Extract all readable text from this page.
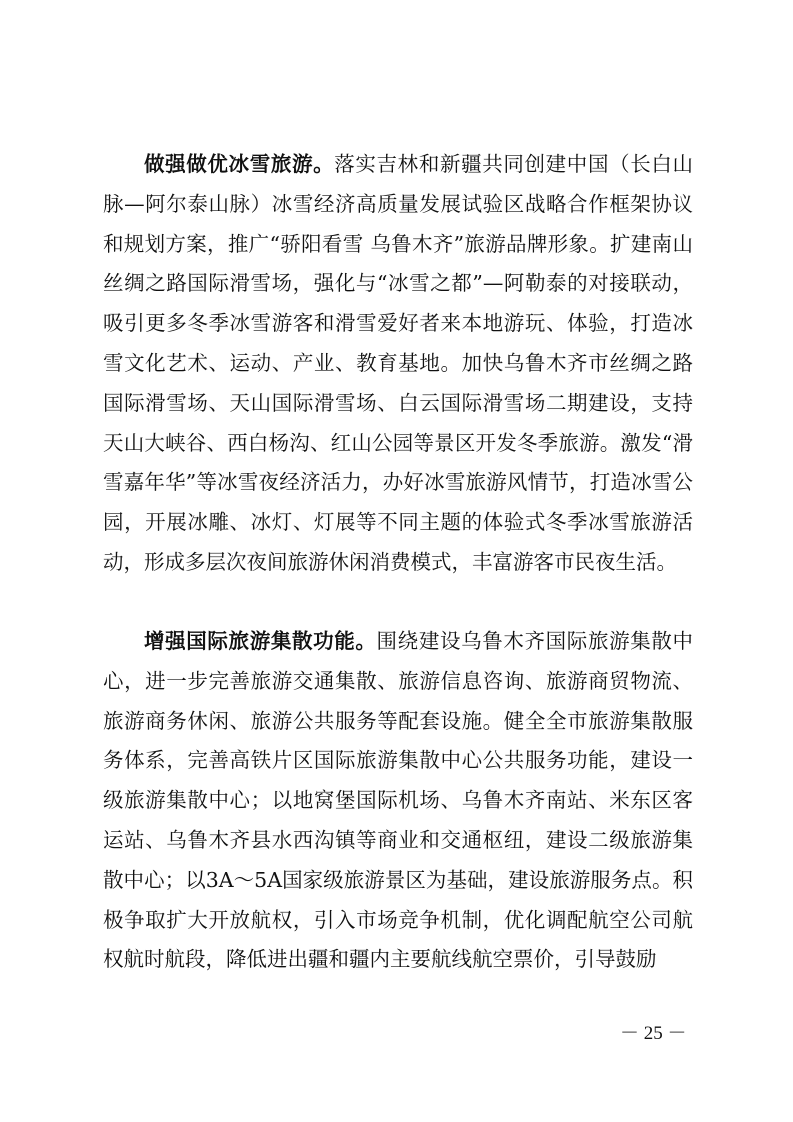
做强做优冰雪旅游。落实吉林和新疆共同创建中国（长白山脉—阿尔泰山脉）冰雪经济高质量发展试验区战略合作框架协议和规划方案，推广“骄阳看雪 乌鲁木齐”旅游品牌形象。扩建南山丝绸之路国际滑雪场，强化与“冰雪之都”—阿勒泰的对接联动，吸引更多冬季冰雪游客和滑雪爱好者来本地游玩、体验，打造冰雪文化艺术、运动、产业、教育基地。加快乌鲁木齐市丝绸之路国际滑雪场、天山国际滑雪场、白云国际滑雪场二期建设，支持天山大峡谷、西白杨沟、红山公园等景区开发冬季旅游。激发“滑雪嘉年华”等冰雪夜经济活力，办好冰雪旅游风情节，打造冰雪公园，开展冰雕、冰灯、灯展等不同主题的体验式冬季冰雪旅游活动，形成多层次夜间旅游休闲消费模式，丰富游客市民夜生活。

增强国际旅游集散功能。围绕建设乌鲁木齐国际旅游集散中心，进一步完善旅游交通集散、旅游信息咨询、旅游商贸物流、旅游商务休闲、旅游公共服务等配套设施。健全全市旅游集散服务体系，完善高铁片区国际旅游集散中心公共服务功能，建设一级旅游集散中心；以地窝堡国际机场、乌鲁木齐南站、米东区客运站、乌鲁木齐县水西沟镇等商业和交通枢纽，建设二级旅游集散中心；以3A～5A国家级旅游景区为基础，建设旅游服务点。积极争取扩大开放航权，引入市场竞争机制，优化调配航空公司航权航时航段，降低进出疆和疆内主要航线航空票价，引导鼓励

－ 25 －
